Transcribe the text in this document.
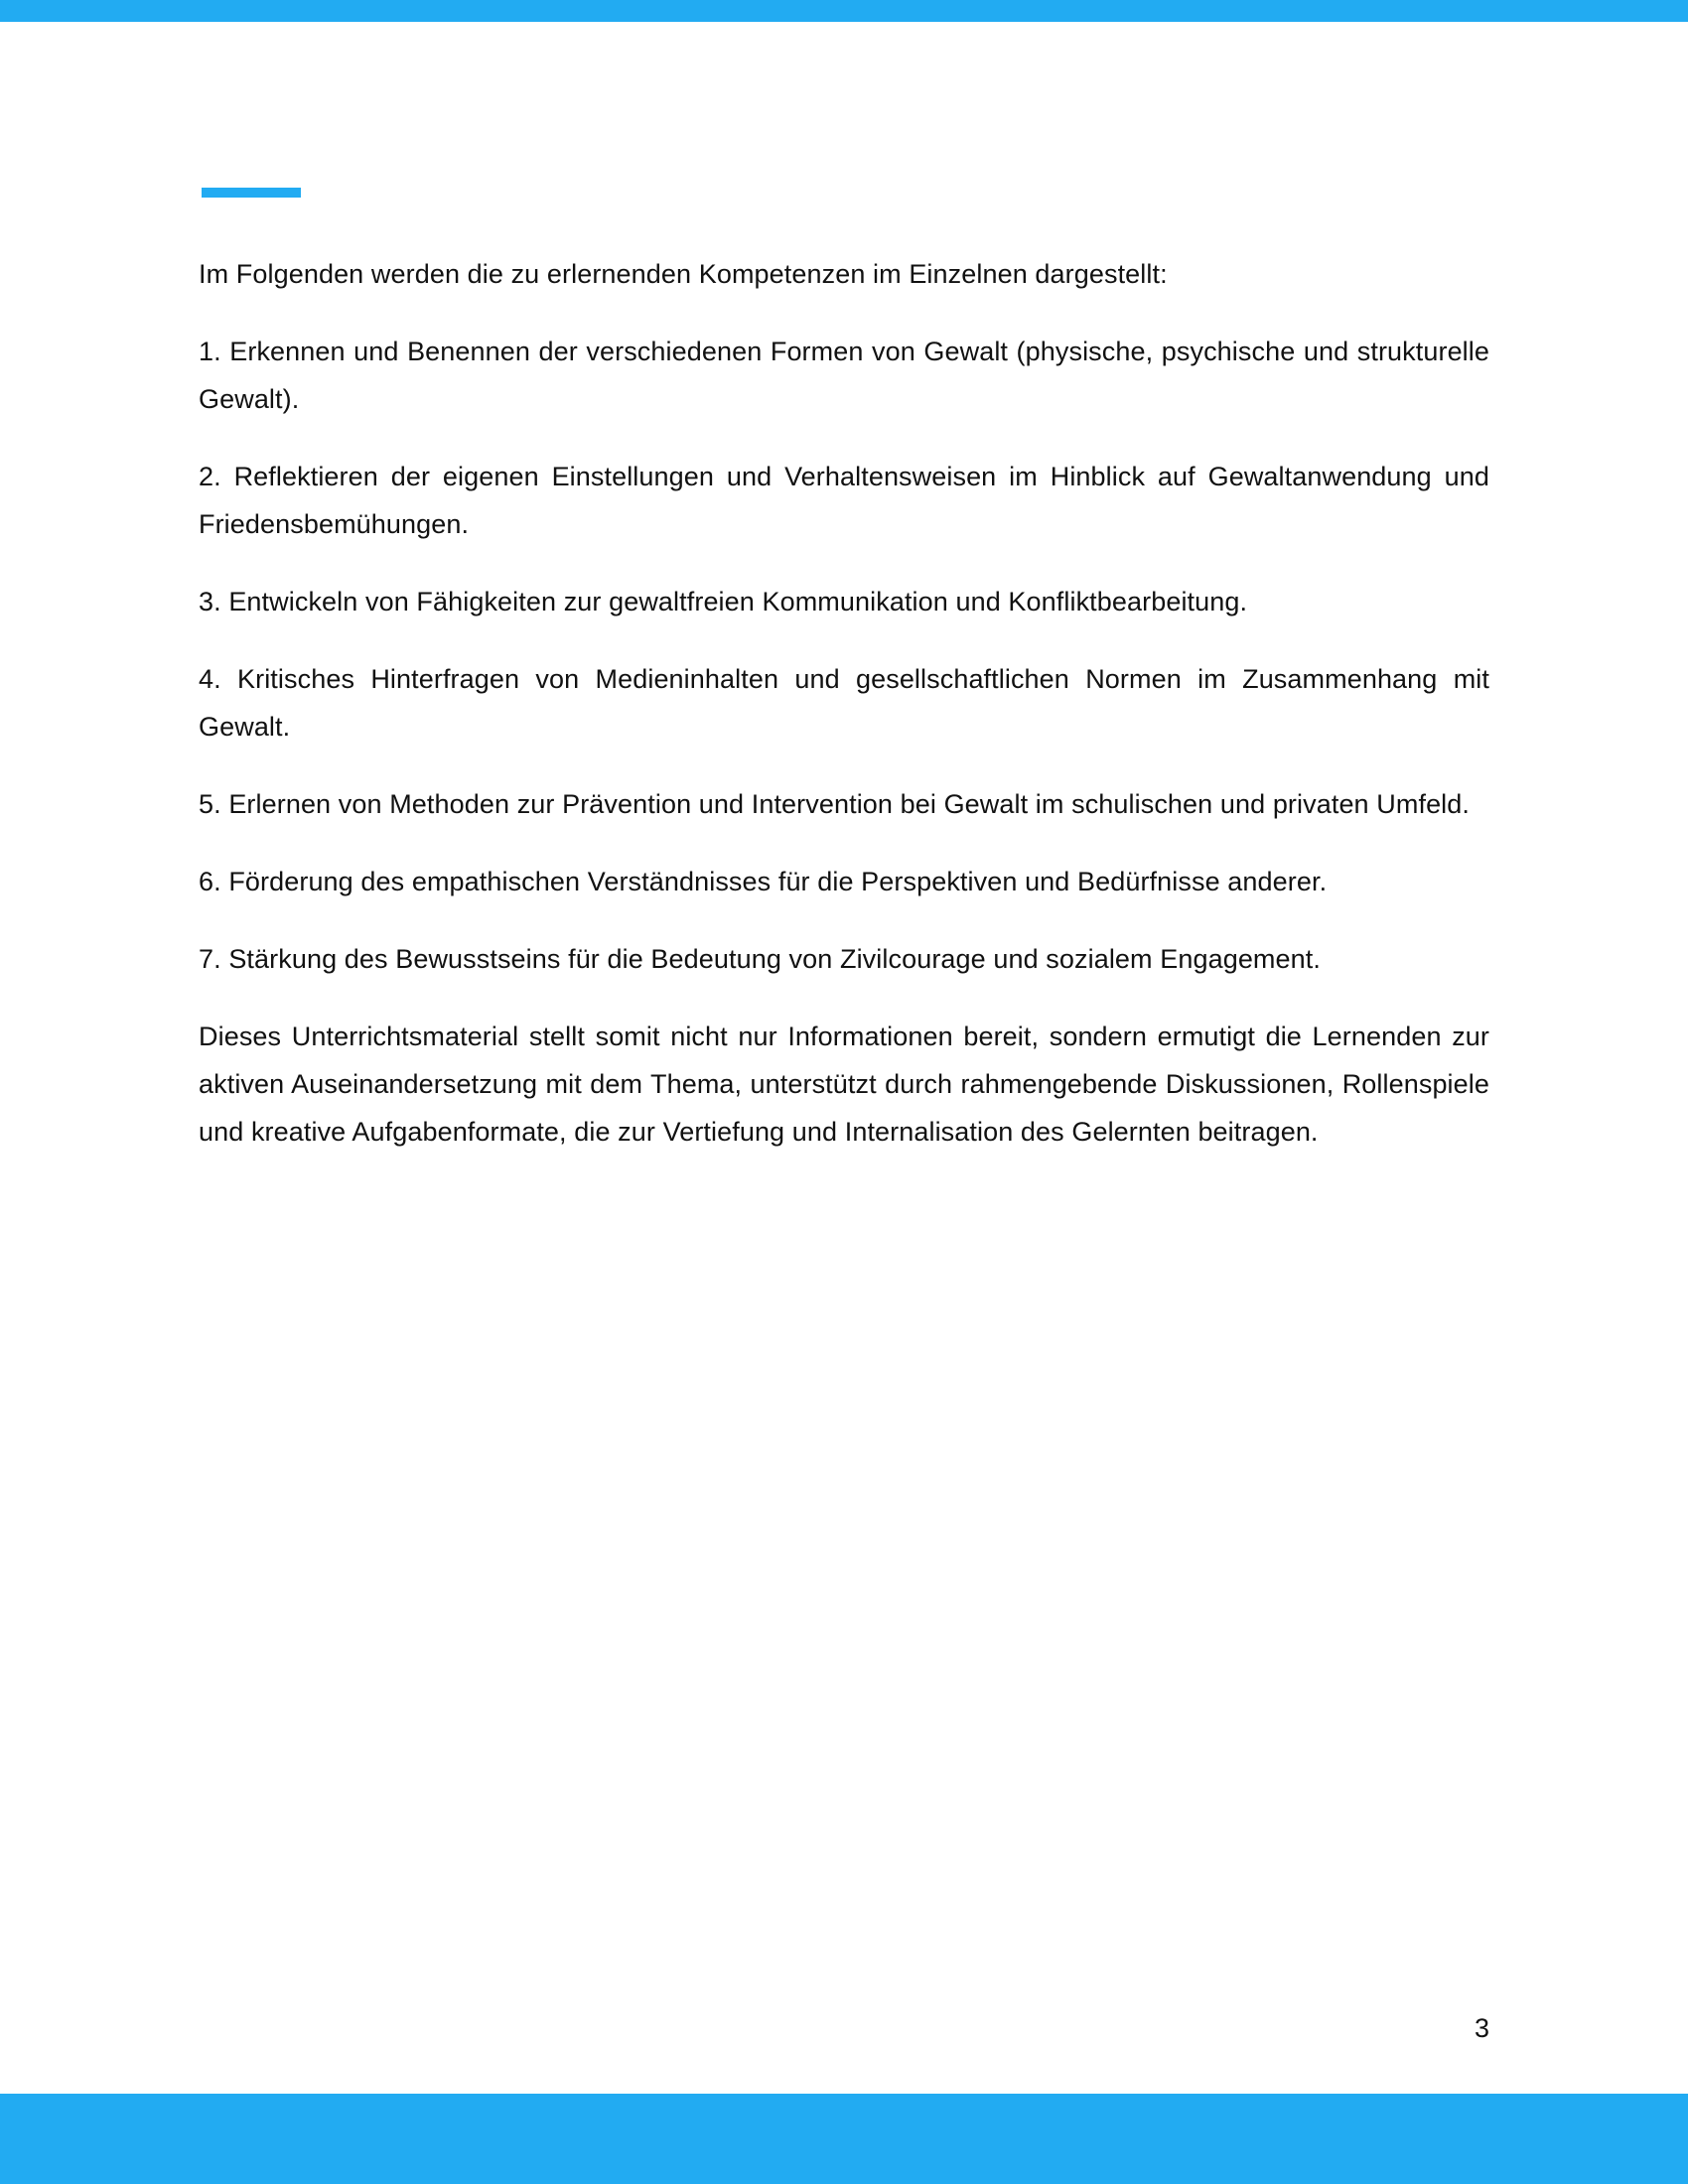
Im Folgenden werden die zu erlernenden Kompetenzen im Einzelnen dargestellt:

1. Erkennen und Benennen der verschiedenen Formen von Gewalt (physische, psychische und strukturelle Gewalt).

2. Reflektieren der eigenen Einstellungen und Verhaltensweisen im Hinblick auf Gewaltanwendung und Friedensbemühungen.

3. Entwickeln von Fähigkeiten zur gewaltfreien Kommunikation und Konfliktbearbeitung.

4. Kritisches Hinterfragen von Medieninhalten und gesellschaftlichen Normen im Zusammenhang mit Gewalt.

5. Erlernen von Methoden zur Prävention und Intervention bei Gewalt im schulischen und privaten Umfeld.

6. Förderung des empathischen Verständnisses für die Perspektiven und Bedürfnisse anderer.

7. Stärkung des Bewusstseins für die Bedeutung von Zivilcourage und sozialem Engagement.

Dieses Unterrichtsmaterial stellt somit nicht nur Informationen bereit, sondern ermutigt die Lernenden zur aktiven Auseinandersetzung mit dem Thema, unterstützt durch rahmengebende Diskussionen, Rollenspiele und kreative Aufgabenformate, die zur Vertiefung und Internalisation des Gelernten beitragen.

3
